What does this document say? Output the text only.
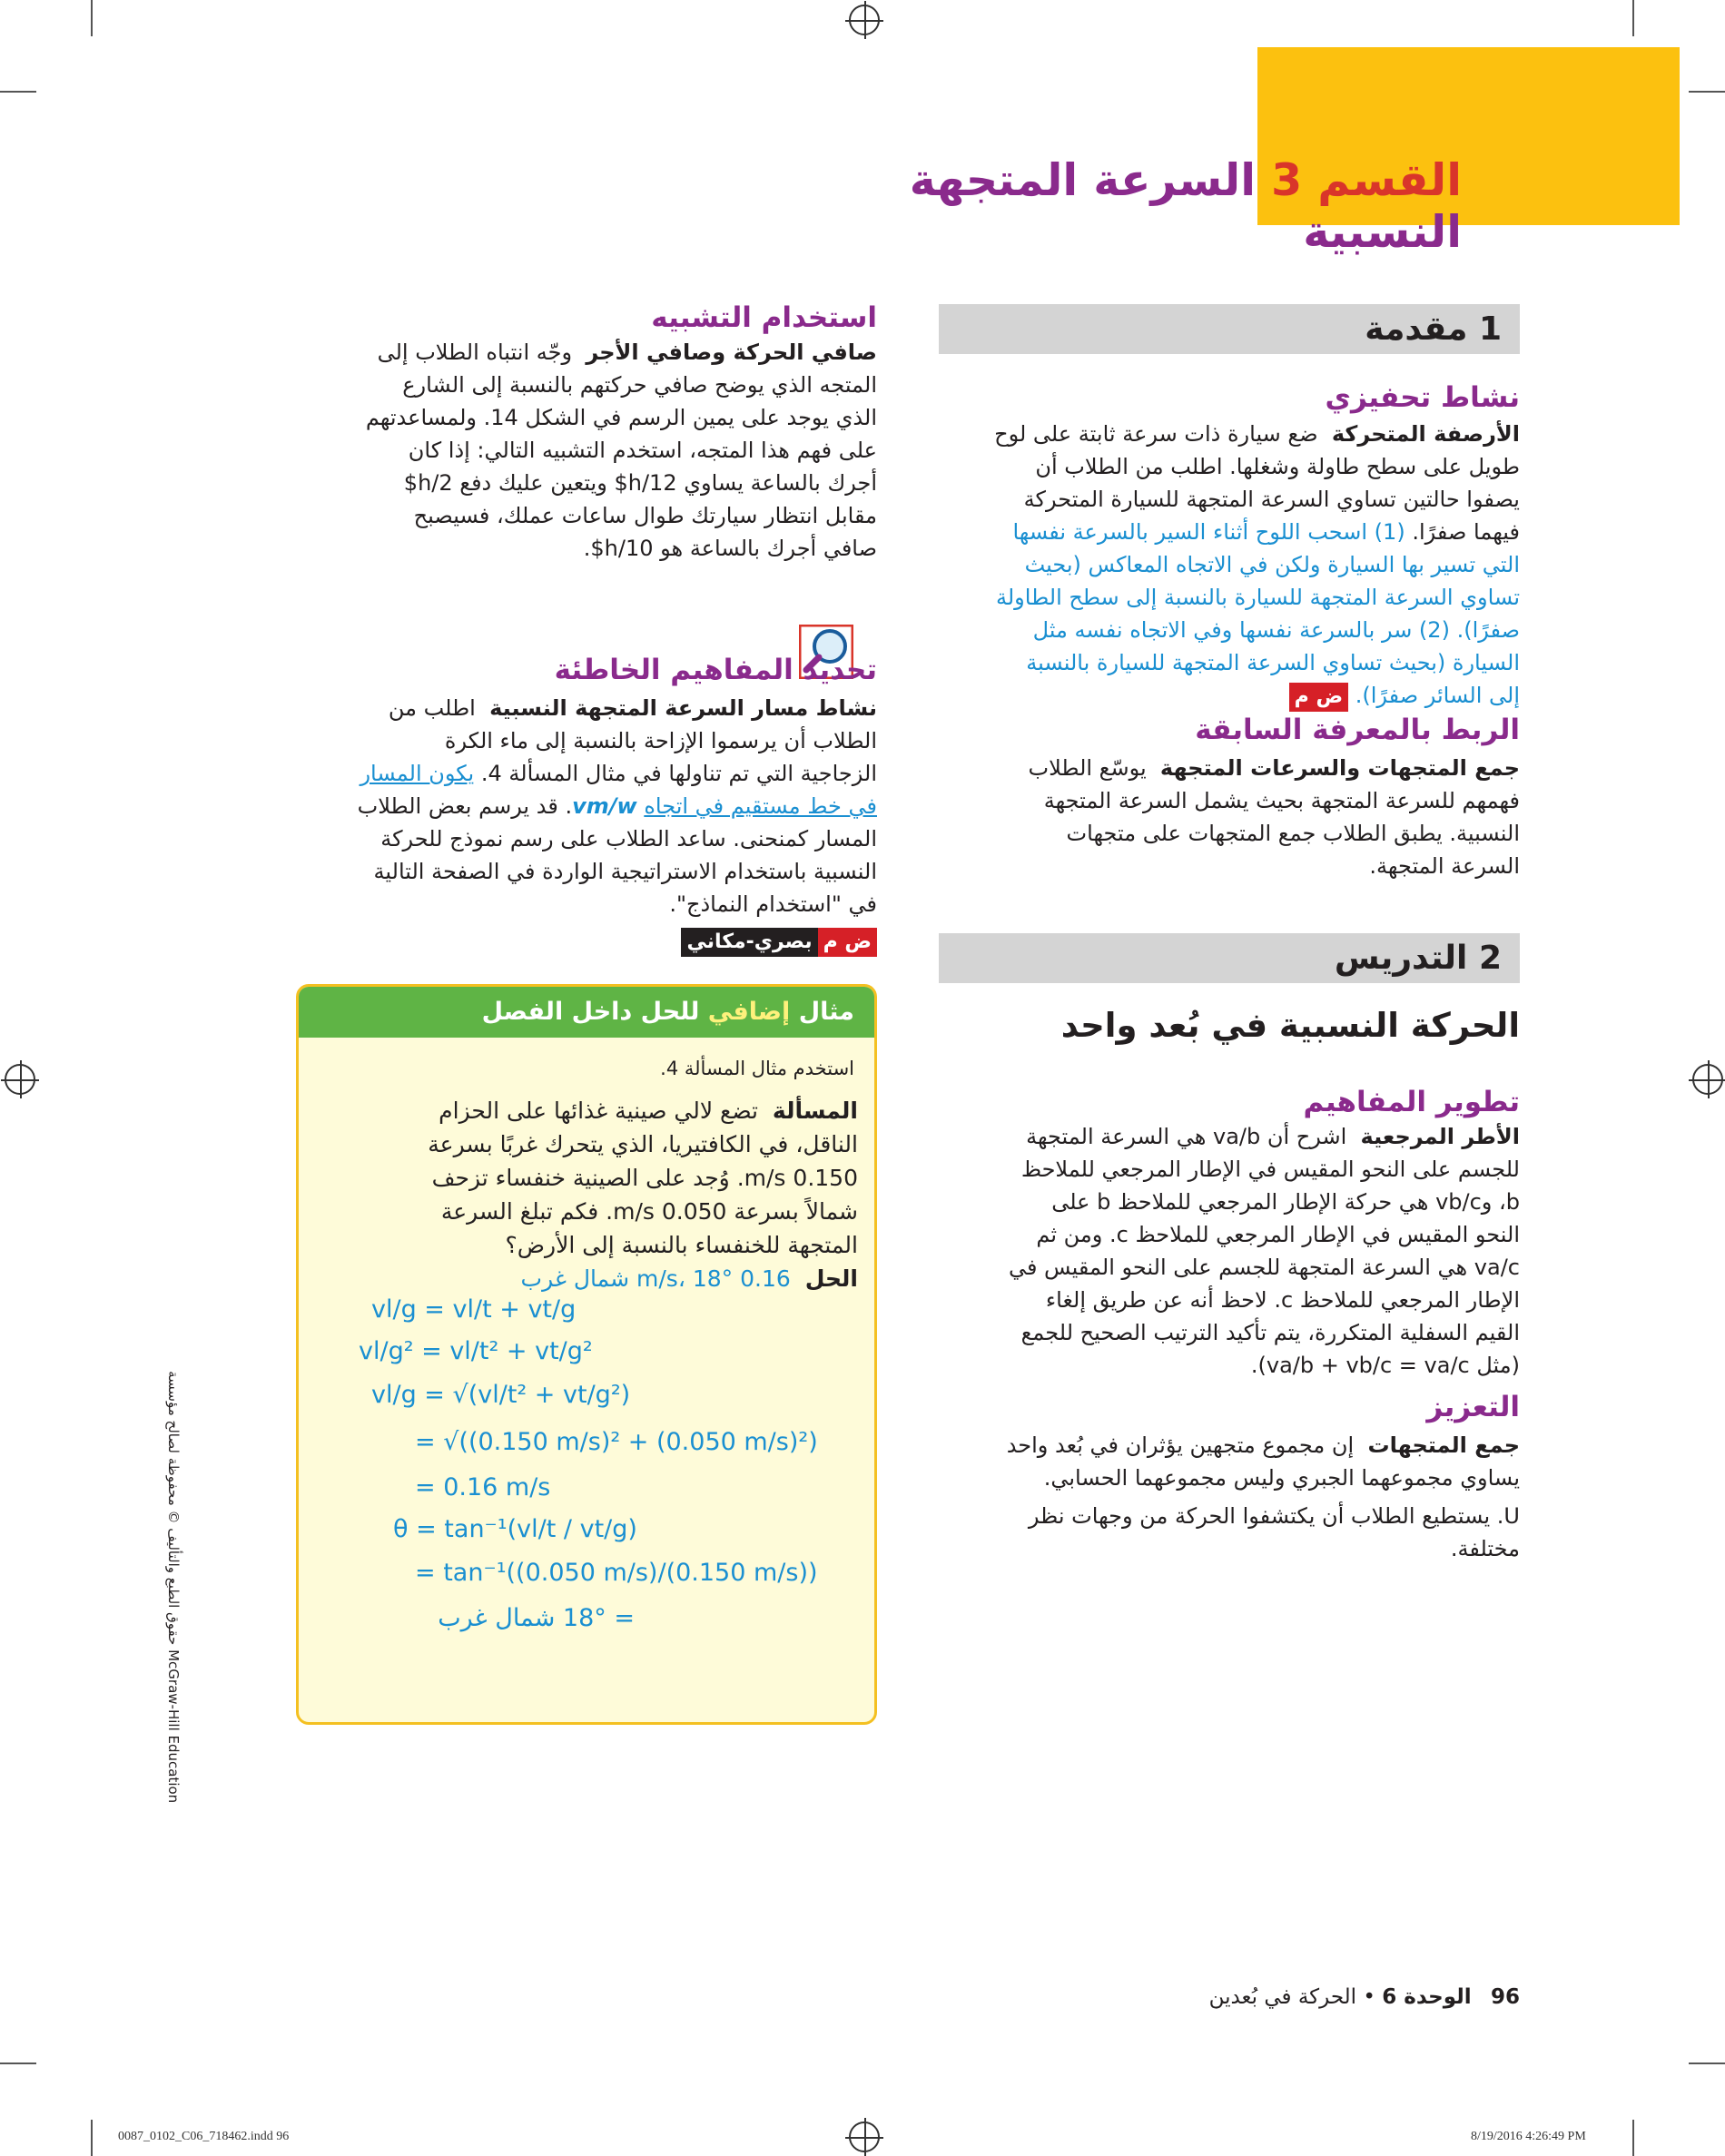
القسم 3 السرعة المتجهة النسبية
1 مقدمة
نشاط تحفيزي
الأرصفة المتحركة  ضع سيارة ذات سرعة ثابتة على لوح
طويل على سطح طاولة وشغلها. اطلب من الطلاب أن
يصفوا حالتين تساوي السرعة المتجهة للسيارة المتحركة
فيهما صفرًا. (1) اسحب اللوح أثناء السير بالسرعة نفسها
التي تسير بها السيارة ولكن في الاتجاه المعاكس (بحيث
تساوي السرعة المتجهة للسيارة بالنسبة إلى سطح الطاولة
صفرًا). (2) سر بالسرعة نفسها وفي الاتجاه نفسه مثل
السيارة (بحيث تساوي السرعة المتجهة للسيارة بالنسبة
إلى السائر صفرًا). ض م
الربط بالمعرفة السابقة
جمع المتجهات والسرعات المتجهة  يوسّع الطلاب
فهمهم للسرعة المتجهة بحيث يشمل السرعة المتجهة
النسبية. يطبق الطلاب جمع المتجهات على متجهات
السرعة المتجهة.
2 التدريس
الحركة النسبية في بُعد واحد
تطوير المفاهيم
الأطر المرجعية  اشرح أن va/b هي السرعة المتجهة
للجسم على النحو المقيس في الإطار المرجعي للملاحظ
b، وvb/c هي حركة الإطار المرجعي للملاحظ b على
النحو المقيس في الإطار المرجعي للملاحظ c. ومن ثم
va/c هي السرعة المتجهة للجسم على النحو المقيس في
الإطار المرجعي للملاحظ c. لاحظ أنه عن طريق إلغاء
القيم السفلية المتكررة، يتم تأكيد الترتيب الصحيح للجمع
(مثل va/b + vb/c = va/c).
التعزيز
جمع المتجهات  إن مجموع متجهين يؤثران في بُعد واحد
يساوي مجموعهما الجبري وليس مجموعهما الحسابي.
U. يستطيع الطلاب أن يكتشفوا الحركة من وجهات نظر
مختلفة.
استخدام التشبيه
صافي الحركة وصافي الأجر  وجّه انتباه الطلاب إلى
المتجه الذي يوضح صافي حركتهم بالنسبة إلى الشارع
الذي يوجد على يمين الرسم في الشكل 14. ولمساعدتهم
على فهم هذا المتجه، استخدم التشبيه التالي: إذا كان
أجرك بالساعة يساوي 12/h$ ويتعين عليك دفع 2/h$
مقابل انتظار سيارتك طوال ساعات عملك، فسيصبح
صافي أجرك بالساعة هو 10/h$.
تحديد المفاهيم الخاطئة
نشاط مسار السرعة المتجهة النسبية  اطلب من
الطلاب أن يرسموا الإزاحة بالنسبة إلى ماء الكرة
الزجاجية التي تم تناولها في مثال المسألة 4. يكون المسار
في خط مستقيم في اتجاه vm/w. قد يرسم بعض الطلاب
المسار كمنحنى. ساعد الطلاب على رسم نموذج للحركة
النسبية باستخدام الاستراتيجية الواردة في الصفحة التالية
في "استخدام النماذج".
ض مبصري-مكاني
مثال إضافي للحل داخل الفصل
استخدم مثال المسألة 4.
المسألة  تضع لالي صينية غذائها على الحزام
الناقل، في الكافتيريا، الذي يتحرك غربًا بسرعة
0.150 m/s. وُجد على الصينية خنفساء تزحف
شمالاً بسرعة 0.050 m/s. فكم تبلغ السرعة
المتجهة للخنفساء بالنسبة إلى الأرض؟
الحل  0.16 m/s، 18° شمال غرب
vl/g = vl/t + vt/g
vl/g² = vl/t² + vt/g²
vl/g = √(vl/t² + vt/g²)
= √((0.150 m/s)² + (0.050 m/s)²)
= 0.16 m/s
θ = tan⁻¹(vl/t / vt/g)
= tan⁻¹((0.050 m/s)/(0.150 m/s))
= 18° شمال غرب
حقوق الطبع والتأليف © محفوظة لصالح مؤسسة McGraw-Hill Education
96 الوحدة 6 • الحركة في بُعدين
0087_0102_C06_718462.indd 96	8/19/2016 4:26:49 PM
